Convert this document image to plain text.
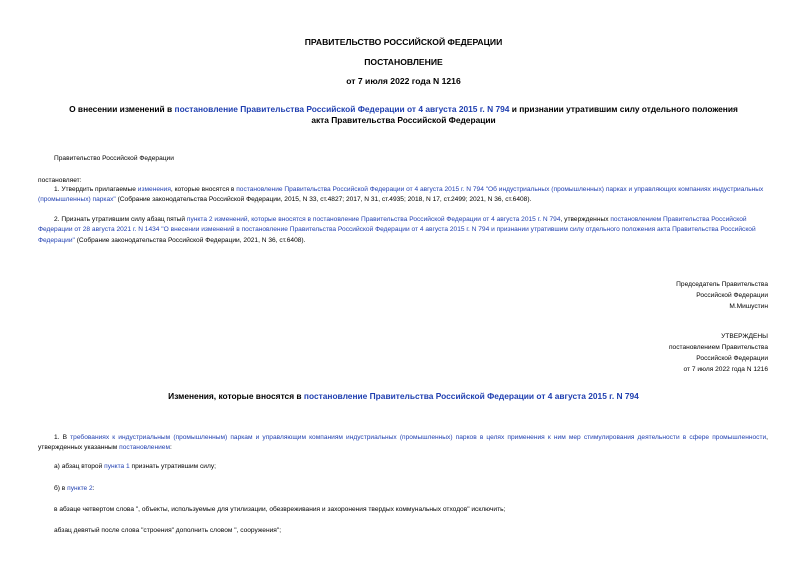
ПРАВИТЕЛЬСТВО РОССИЙСКОЙ ФЕДЕРАЦИИ
ПОСТАНОВЛЕНИЕ
от 7 июля 2022 года N 1216
О внесении изменений в постановление Правительства Российской Федерации от 4 августа 2015 г. N 794 и признании утратившим силу отдельного положения
акта Правительства Российской Федерации
Правительство Российской Федерации
постановляет:
1. Утвердить прилагаемые изменения, которые вносятся в постановление Правительства Российской Федерации от 4 августа 2015 г. N 794 "Об индустриальных (промышленных) парках и управляющих компаниях индустриальных (промышленных) парках" (Собрание законодательства Российской Федерации, 2015, N 33, ст.4827; 2017, N 31, ст.4935; 2018, N 17, ст.2499; 2021, N 36, ст.6408).
2. Признать утратившим силу абзац пятый пункта 2 изменений, которые вносятся в постановление Правительства Российской Федерации от 4 августа 2015 г. N 794, утвержденных постановлением Правительства Российской Федерации от 28 августа 2021 г. N 1434 "О внесении изменений в постановление Правительства Российской Федерации от 4 августа 2015 г. N 794 и признании утратившим силу отдельного положения акта Правительства Российской Федерации" (Собрание законодательства Российской Федерации, 2021, N 36, ст.6408).
Председатель Правительства
Российской Федерации
М.Мишустин
УТВЕРЖДЕНЫ
постановлением Правительства
Российской Федерации
от 7 июля 2022 года N 1216
Изменения, которые вносятся в постановление Правительства Российской Федерации от 4 августа 2015 г. N 794
1. В требованиях к индустриальным (промышленным) паркам и управляющим компаниям индустриальных (промышленных) парков в целях применения к ним мер стимулирования деятельности в сфере промышленности, утвержденных указанным постановлением:
а) абзац второй пункта 1 признать утратившим силу;
б) в пункте 2:
в абзаце четвертом слова ", объекты, используемые для утилизации, обезвреживания и захоронения твердых коммунальных отходов" исключить;
абзац девятый после слова "строения" дополнить словом ", сооружения";
